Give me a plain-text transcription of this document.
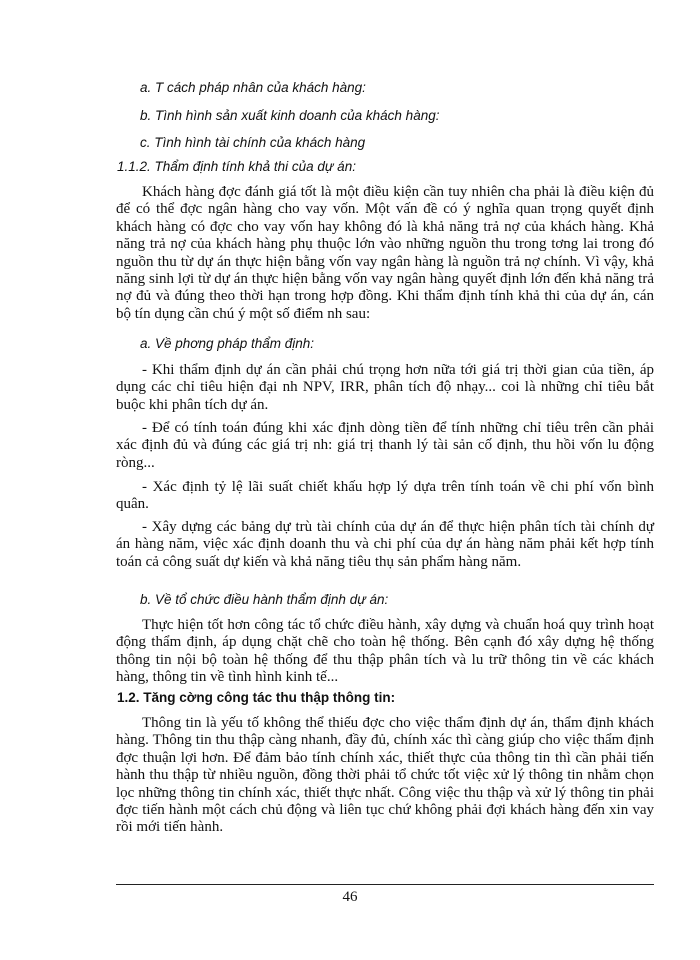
a. T cách pháp nhân của khách hàng:
b. Tình hình sản xuất kinh doanh của khách hàng:
c. Tình hình tài chính của khách hàng
1.1.2. Thẩm định tính khả thi của dự án:
Khách hàng đợc đánh giá tốt là một điều kiện cần tuy nhiên cha phải là điều kiện đủ để có thể đợc ngân hàng cho vay vốn. Một vấn đề có ý nghĩa quan trọng quyết định khách hàng có đợc cho vay vốn hay không đó là khả năng trả nợ của khách hàng. Khả năng trả nợ của khách hàng phụ thuộc lớn vào những nguồn thu trong tơng lai trong đó nguồn thu từ dự án thực hiện bằng vốn vay ngân hàng là nguồn trả nợ chính. Vì vậy, khả năng sinh lợi từ dự án thực hiện bằng vốn vay ngân hàng quyết định lớn đến khả năng trả nợ đủ và đúng theo thời hạn trong hợp đồng. Khi thẩm định tính khả thi của dự án, cán bộ tín dụng cần chú ý một số điểm nh sau:
a. Về phơng pháp thẩm định:
- Khi thẩm định dự án cần phải chú trọng hơn nữa tới giá trị thời gian của tiền, áp dụng các chỉ tiêu hiện đại nh NPV, IRR, phân tích độ nhạy... coi là những chỉ tiêu bắt buộc khi phân tích dự án.
- Để có tính toán đúng khi xác định dòng tiền để tính những chỉ tiêu trên cần phải xác định đủ và đúng các giá trị nh: giá trị thanh lý tài sản cố định, thu hồi vốn lu động ròng...
- Xác định tỷ lệ lãi suất chiết khấu hợp lý dựa trên tính toán về chi phí vốn bình quân.
- Xây dựng các bảng dự trù tài chính của dự án để thực hiện phân tích tài chính dự án hàng năm, việc xác định doanh thu và chi phí của dự án hàng năm phải kết hợp tính toán cả công suất dự kiến và khả năng tiêu thụ sản phẩm hàng năm.
b. Về tổ chức điều hành thẩm định dự án:
Thực hiện tốt hơn công tác tổ chức điều hành, xây dựng và chuẩn hoá quy trình hoạt động thẩm định, áp dụng chặt chẽ cho toàn hệ thống. Bên cạnh đó xây dựng hệ thống thông tin nội bộ toàn hệ thống để thu thập phân tích và lu trữ thông tin về các khách hàng, thông tin về tình hình kinh tế...
1.2. Tăng cờng công tác thu thập thông tin:
Thông tin là yếu tố không thể thiếu đợc cho việc thẩm định dự án, thẩm định khách hàng. Thông tin thu thập càng nhanh, đầy đủ, chính xác thì càng giúp cho việc thẩm định đợc thuận lợi hơn. Để đảm bảo tính chính xác, thiết thực của thông tin thì cần phải tiến hành thu thập từ nhiều nguồn, đồng thời phải tổ chức tốt việc xử lý thông tin nhằm chọn lọc những thông tin chính xác, thiết thực nhất. Công việc thu thập và xử lý thông tin phải đợc tiến hành một cách chủ động và liên tục chứ không phải đợi khách hàng đến xin vay rồi mới tiến hành.
46
